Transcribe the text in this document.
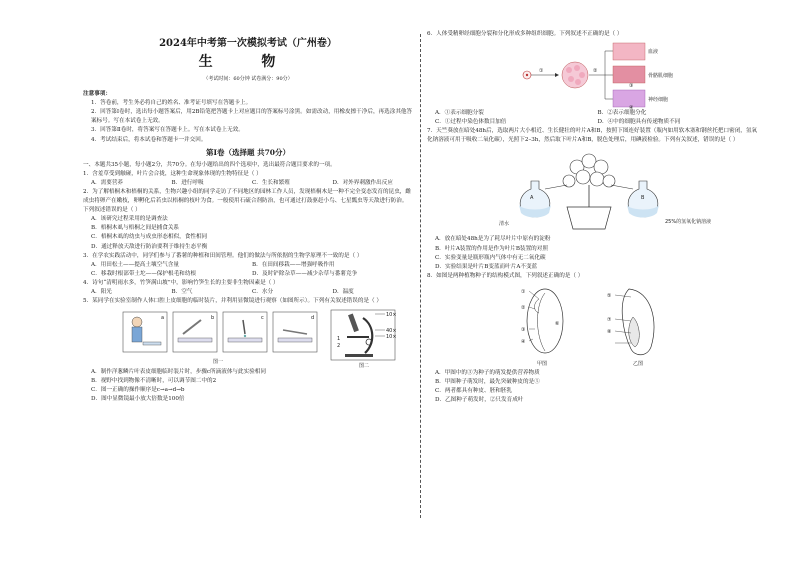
2024年中考第一次模拟考试（广州卷）
生 物
（考试时间：60分钟 试卷满分：90分）
注意事项：
1．答卷前，考生务必将自己的姓名、准考证号填写在答题卡上。
2．回答第Ⅰ卷时，选出每小题答案后，用2B铅笔把答题卡上对应题目的答案标号涂黑。如需改动，用橡皮擦干净后，再选涂其他答案标号。写在本试卷上无效。
3．回答第Ⅱ卷时，将答案写在答题卡上。写在本试卷上无效。
4．考试结束后，将本试卷和答题卡一并交回。
第Ⅰ卷（选择题 共70分）
一、本题共35小题，每小题2分，共70分。在每小题给出的四个选项中，选出最符合题目要求的一项。
1．含羞草受到触碰，叶片会合拢，这种生命现象体现的生物特征是（ ）
A．需要营养	B．进行呼吸	C．生长和繁殖	D．对外界刺激作出反应
2．为了解梧桐木和梧桐的关系，生物兴趣小组的同学走访了不同地区的园林工作人员，发现梧桐木是一种不完全变态发育的昆虫，雌成虫将卵产在嫩枝，卵孵化后若虫以梧桐的枝叶为食。一般使用石硫合剂防治，也可通过打鼓驱赶小鸟、七星瓢虫等天敌进行防治。下列叙述错误的是（ ）
A．该研究过程采用的是调查法
B．梧桐木虱与梧桐之间是捕食关系
C．梧桐木虱的幼虫与成虫形态相似，食性相同
D．通过释放天敌进行防治要利于维持生态平衡
3．在学农实践活动中，同学们参与了番薯的种植和田间管理。他们的做法与所依据的生物学原理不一致的是（ ）
A．用田松土——提高土壤空气含量	B．在田间移栽——增强呼吸作用
C．移栽时根部带土坨——保护根毛和幼根	D．及时铲除杂草——减少杂草与番薯竞争
4．诗句“清明雨水多，竹笋满山坡”中，影响竹笋生长的主要非生物因素是（ ）
A．阳光	B．空气	C．水分	D．温度
5．某同学在实验室制作人体口腔上皮细胞的临时装片，并利用显微镜进行观察（如图所示）。下列有关叙述错误的是（ ）
a	b	c	d
图一
10×
40×
10×
1
2
图二
A．制作洋葱鳞片叶表皮细胞临时装片时，步骤c所滴液体与此实验相同
B．视野中找到物像不清晰时，可以调节图二中的2
C．图一正确的操作顺序是c→a→d→b
D．图中显微镜最小放大倍数是100倍
6．人体受精卵经细胞分裂和分化形成多种组织细胞。下列叙述不正确的是（ ）
①	②
血液
骨骼肌细胞
神经细胞
③
④
A．①表示细胞分裂	B．②表示细胞分化
C．①过程中染色体数目加倍	D．④中的细胞具有传递物质不同
7．天竺葵放在暗处48h后，选取两片大小相近、生长健壮的叶片A和B，按照下图连好装置（瓶内如用软木塞和钢丝托把口密闭，氢氧化钠溶液可用于吸收二氧化碳），光照下2–3h，然后取下叶片A和B，脱色处理后，用碘液检验。下列有关叙述，错误的是（ ）
A	B
清水	25%的氢氧化钠溶液
A．放在暗处48h是为了耗尽叶片中原有的淀粉
B．叶片A装置的作用是作为叶片B装置的对照
C．实验变量是瓶形瓶内气体中有无二氧化碳
D．实验结果是叶片B变蓝而叶片A不变蓝
8．如图是两种植物种子的结构模式图，下列叙述正确的是（ ）
①
②
③
④
⑥
甲图
⑤
⑦
⑧
乙图
A．甲图中的③为种子的萌发提供营养物质
B．甲图种子萌发时，最先突破种皮的是⑤
C．两者都具有种皮、胚和胚乳
D．乙图种子萌发时，②只发育成叶
